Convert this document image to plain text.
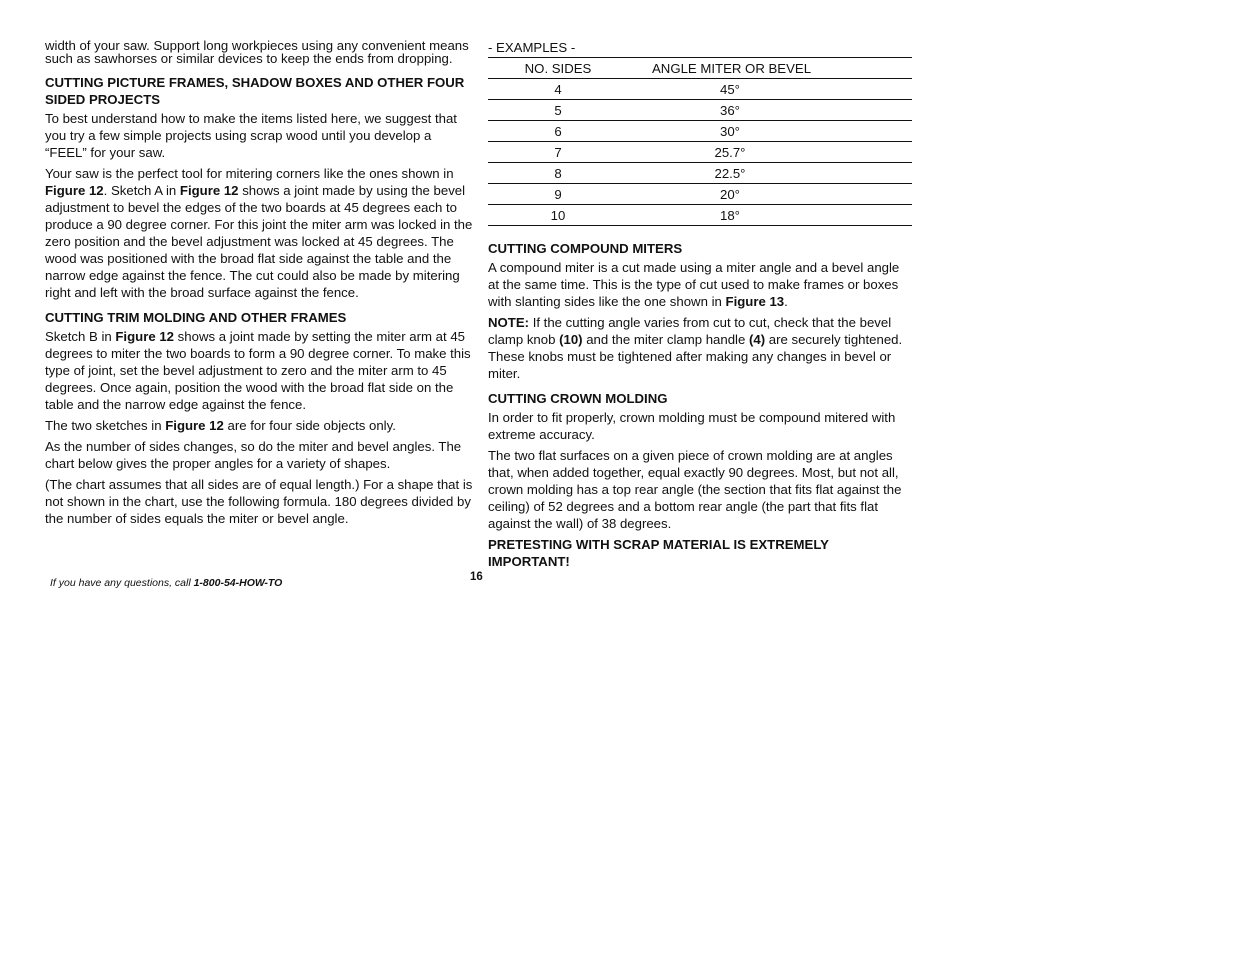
width of your saw. Support long workpieces using any convenient means such as sawhorses or similar devices to keep the ends from dropping.

CUTTING PICTURE FRAMES, SHADOW BOXES AND OTHER FOUR SIDED PROJECTS

To best understand how to make the items listed here, we suggest that you try a few simple projects using scrap wood until you develop a “FEEL” for your saw.

Your saw is the perfect tool for mitering corners like the ones shown in Figure 12. Sketch A in Figure 12 shows a joint made by using the bevel adjustment to bevel the edges of the two boards at 45 degrees each to produce a 90 degree corner. For this joint the miter arm was locked in the zero position and the bevel adjustment was locked at 45 degrees. The wood was positioned with the broad flat side against the table and the narrow edge against the fence. The cut could also be made by mitering right and left with the broad surface against the fence.

CUTTING TRIM MOLDING AND OTHER FRAMES

Sketch B in Figure 12 shows a joint made by setting the miter arm at 45 degrees to miter the two boards to form a 90 degree corner. To make this type of joint, set the bevel adjustment to zero and the miter arm to 45 degrees. Once again, position the wood with the broad flat side on the table and the narrow edge against the fence.

The two sketches in Figure 12 are for four side objects only.

As the number of sides changes, so do the miter and bevel angles. The chart below gives the proper angles for a variety of shapes.

(The chart assumes that all sides are of equal length.) For a shape that is not shown in the chart, use the following formula. 180 degrees divided by the number of sides equals the miter or bevel angle.

- EXAMPLES -

NO. SIDES	ANGLE MITER OR BEVEL
4	45°
5	36°
6	30°
7	25.7°
8	22.5°
9	20°
10	18°
CUTTING COMPOUND MITERS

A compound miter is a cut made using a miter angle and a bevel angle at the same time. This is the type of cut used to make frames or boxes with slanting sides like the one shown in Figure 13.

NOTE: If the cutting angle varies from cut to cut, check that the bevel clamp knob (10) and the miter clamp handle (4) are securely tightened. These knobs must be tightened after making any changes in bevel or miter.

CUTTING CROWN MOLDING

In order to fit properly, crown molding must be compound mitered with extreme accuracy.

The two flat surfaces on a given piece of crown molding are at angles that, when added together, equal exactly 90 degrees. Most, but not all, crown molding has a top rear angle (the section that fits flat against the ceiling) of 52 degrees and a bottom rear angle (the part that fits flat against the wall) of 38 degrees.

PRETESTING WITH SCRAP MATERIAL IS EXTREMELY IMPORTANT!
If you have any questions, call 1-800-54-HOW-TO	16
